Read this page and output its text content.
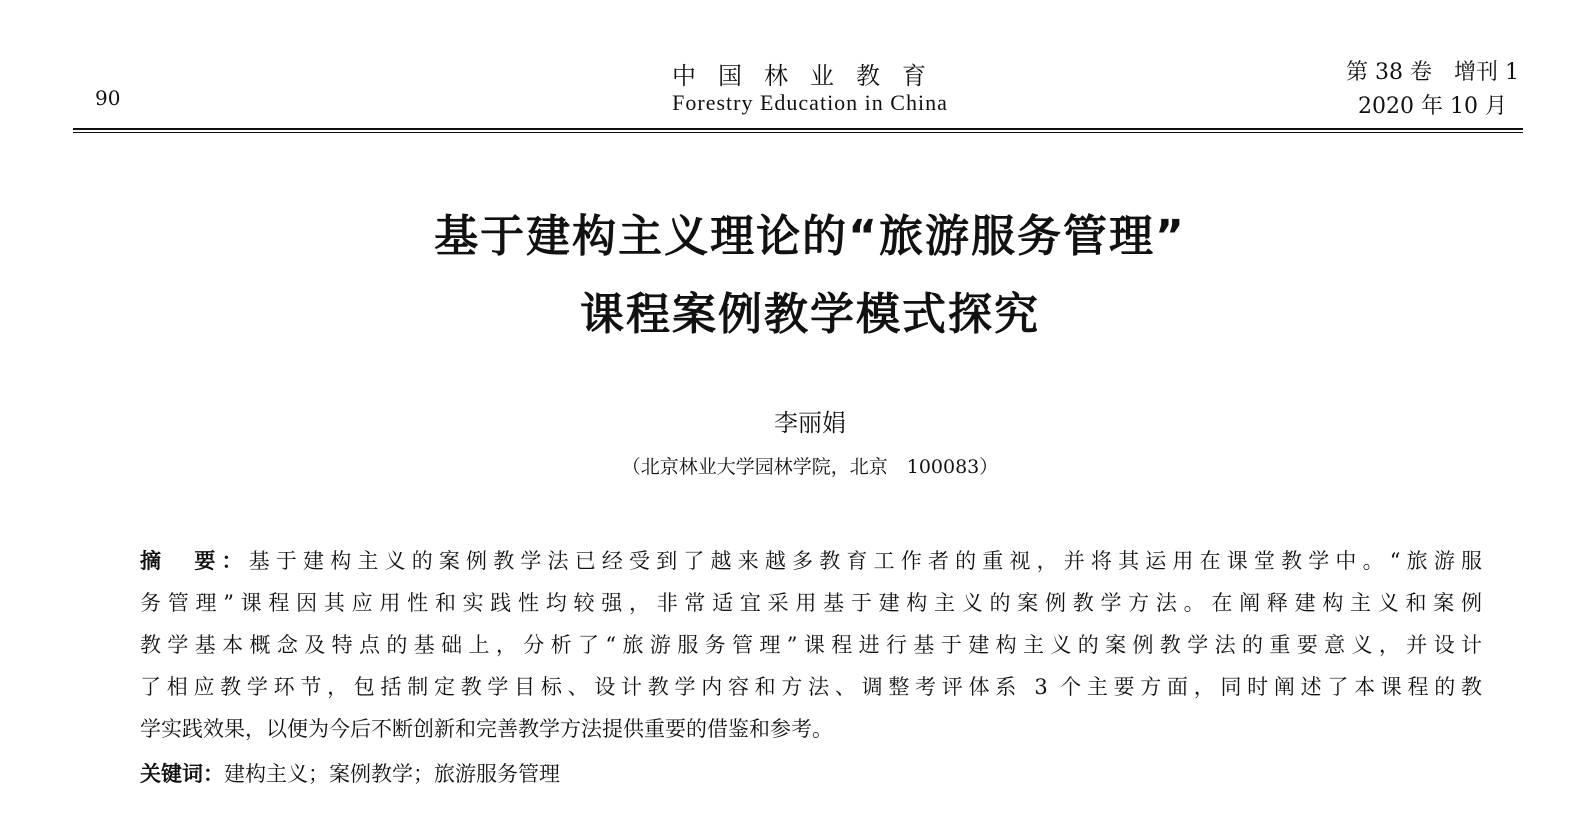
90
中国林业教育
Forestry Education in China
第 38 卷　增刊 1
2020 年 10 月
基于建构主义理论的“旅游服务管理”
课程案例教学模式探究
李丽娟
（北京林业大学园林学院，北京　100083）
摘　要：基于建构主义的案例教学法已经受到了越来越多教育工作者的重视，并将其运用在课堂教学中。“旅游服
务管理”课程因其应用性和实践性均较强，非常适宜采用基于建构主义的案例教学方法。在阐释建构主义和案例
教学基本概念及特点的基础上，分析了“旅游服务管理”课程进行基于建构主义的案例教学法的重要意义，并设计
了相应教学环节，包括制定教学目标、设计教学内容和方法、调整考评体系 3 个主要方面，同时阐述了本课程的教
学实践效果，以便为今后不断创新和完善教学方法提供重要的借鉴和参考。
关键词：建构主义；案例教学；旅游服务管理
